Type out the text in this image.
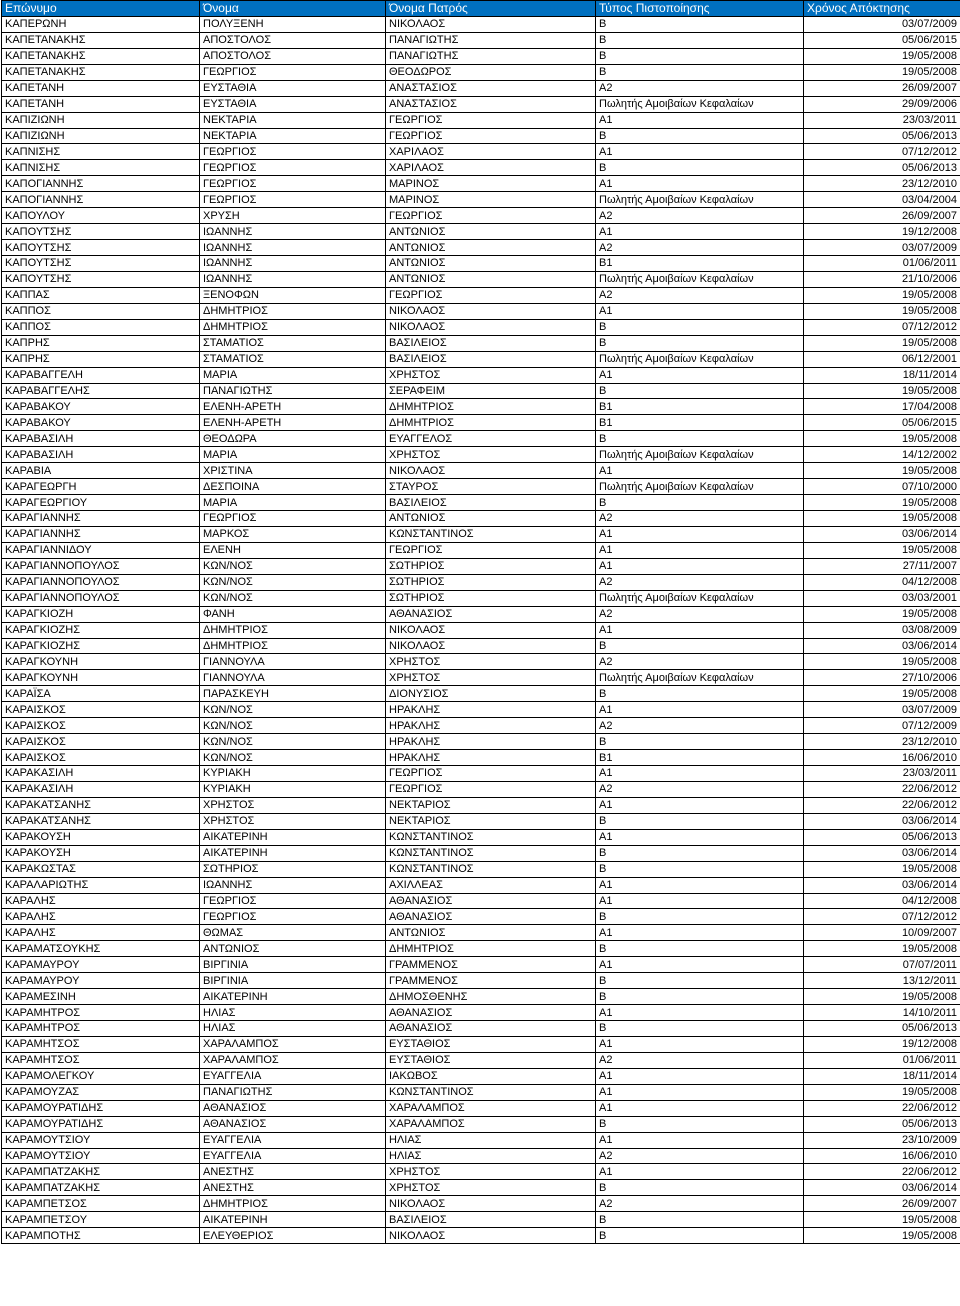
Επώνυμο	Όνομα	Όνομα Πατρός	Τύπος Πιστοποίησης	Χρόνος Απόκτησης
ΚΑΠΕΡΩΝΗ	ΠΟΛΥΞΕΝΗ	ΝΙΚΟΛΑΟΣ	Β	03/07/2009
ΚΑΠΕΤΑΝΑΚΗΣ	ΑΠΟΣΤΟΛΟΣ	ΠΑΝΑΓΙΩΤΗΣ	Β	05/06/2015
ΚΑΠΕΤΑΝΑΚΗΣ	ΑΠΟΣΤΟΛΟΣ	ΠΑΝΑΓΙΩΤΗΣ	Β	19/05/2008
ΚΑΠΕΤΑΝΑΚΗΣ	ΓΕΩΡΓΙΟΣ	ΘΕΟΔΩΡΟΣ	Β	19/05/2008
ΚΑΠΕΤΑΝΗ	ΕΥΣΤΑΘΙΑ	ΑΝΑΣΤΑΣΙΟΣ	Α2	26/09/2007
ΚΑΠΕΤΑΝΗ	ΕΥΣΤΑΘΙΑ	ΑΝΑΣΤΑΣΙΟΣ	Πωλητής Αμοιβαίων Κεφαλαίων	29/09/2006
ΚΑΠΙΖΙΩΝΗ	ΝΕΚΤΑΡΙΑ	ΓΕΩΡΓΙΟΣ	Α1	23/03/2011
ΚΑΠΙΖΙΩΝΗ	ΝΕΚΤΑΡΙΑ	ΓΕΩΡΓΙΟΣ	Β	05/06/2013
ΚΑΠΝΙΣΗΣ	ΓΕΩΡΓΙΟΣ	ΧΑΡΙΛΑΟΣ	Α1	07/12/2012
ΚΑΠΝΙΣΗΣ	ΓΕΩΡΓΙΟΣ	ΧΑΡΙΛΑΟΣ	Β	05/06/2013
ΚΑΠΟΓΙΑΝΝΗΣ	ΓΕΩΡΓΙΟΣ	ΜΑΡΙΝΟΣ	Α1	23/12/2010
ΚΑΠΟΓΙΑΝΝΗΣ	ΓΕΩΡΓΙΟΣ	ΜΑΡΙΝΟΣ	Πωλητής Αμοιβαίων Κεφαλαίων	03/04/2004
ΚΑΠΟΥΛΟΥ	ΧΡΥΣΗ	ΓΕΩΡΓΙΟΣ	Α2	26/09/2007
ΚΑΠΟΥΤΣΗΣ	ΙΩΑΝΝΗΣ	ΑΝΤΩΝΙΟΣ	Α1	19/12/2008
ΚΑΠΟΥΤΣΗΣ	ΙΩΑΝΝΗΣ	ΑΝΤΩΝΙΟΣ	Α2	03/07/2009
ΚΑΠΟΥΤΣΗΣ	ΙΩΑΝΝΗΣ	ΑΝΤΩΝΙΟΣ	Β1	01/06/2011
ΚΑΠΟΥΤΣΗΣ	ΙΩΑΝΝΗΣ	ΑΝΤΩΝΙΟΣ	Πωλητής Αμοιβαίων Κεφαλαίων	21/10/2006
ΚΑΠΠΑΣ	ΞΕΝΟΦΩΝ	ΓΕΩΡΓΙΟΣ	Α2	19/05/2008
ΚΑΠΠΟΣ	ΔΗΜΗΤΡΙΟΣ	ΝΙΚΟΛΑΟΣ	Α1	19/05/2008
ΚΑΠΠΟΣ	ΔΗΜΗΤΡΙΟΣ	ΝΙΚΟΛΑΟΣ	Β	07/12/2012
ΚΑΠΡΗΣ	ΣΤΑΜΑΤΙΟΣ	ΒΑΣΙΛΕΙΟΣ	Β	19/05/2008
ΚΑΠΡΗΣ	ΣΤΑΜΑΤΙΟΣ	ΒΑΣΙΛΕΙΟΣ	Πωλητής Αμοιβαίων Κεφαλαίων	06/12/2001
ΚΑΡΑΒΑΓΓΕΛΗ	ΜΑΡΙΑ	ΧΡΗΣΤΟΣ	Α1	18/11/2014
ΚΑΡΑΒΑΓΓΕΛΗΣ	ΠΑΝΑΓΙΩΤΗΣ	ΣΕΡΑΦΕΙΜ	Β	19/05/2008
ΚΑΡΑΒΑΚΟΥ	ΕΛΕΝΗ-ΑΡΕΤΗ	ΔΗΜΗΤΡΙΟΣ	Β1	17/04/2008
ΚΑΡΑΒΑΚΟΥ	ΕΛΕΝΗ-ΑΡΕΤΗ	ΔΗΜΗΤΡΙΟΣ	Β1	05/06/2015
ΚΑΡΑΒΑΣΙΛΗ	ΘΕΟΔΩΡΑ	ΕΥΑΓΓΕΛΟΣ	Β	19/05/2008
ΚΑΡΑΒΑΣΙΛΗ	ΜΑΡΙΑ	ΧΡΗΣΤΟΣ	Πωλητής Αμοιβαίων Κεφαλαίων	14/12/2002
ΚΑΡΑΒΙΑ	ΧΡΙΣΤΙΝΑ	ΝΙΚΟΛΑΟΣ	Α1	19/05/2008
ΚΑΡΑΓΕΩΡΓΗ	ΔΕΣΠΟΙΝΑ	ΣΤΑΥΡΟΣ	Πωλητής Αμοιβαίων Κεφαλαίων	07/10/2000
ΚΑΡΑΓΕΩΡΓΙΟΥ	ΜΑΡΙΑ	ΒΑΣΙΛΕΙΟΣ	Β	19/05/2008
ΚΑΡΑΓΙΑΝΝΗΣ	ΓΕΩΡΓΙΟΣ	ΑΝΤΩΝΙΟΣ	Α2	19/05/2008
ΚΑΡΑΓΙΑΝΝΗΣ	ΜΑΡΚΟΣ	ΚΩΝΣΤΑΝΤΙΝΟΣ	Α1	03/06/2014
ΚΑΡΑΓΙΑΝΝΙΔΟΥ	ΕΛΕΝΗ	ΓΕΩΡΓΙΟΣ	Α1	19/05/2008
ΚΑΡΑΓΙΑΝΝΟΠΟΥΛΟΣ	ΚΩΝ/ΝΟΣ	ΣΩΤΗΡΙΟΣ	Α1	27/11/2007
ΚΑΡΑΓΙΑΝΝΟΠΟΥΛΟΣ	ΚΩΝ/ΝΟΣ	ΣΩΤΗΡΙΟΣ	Α2	04/12/2008
ΚΑΡΑΓΙΑΝΝΟΠΟΥΛΟΣ	ΚΩΝ/ΝΟΣ	ΣΩΤΗΡΙΟΣ	Πωλητής Αμοιβαίων Κεφαλαίων	03/03/2001
ΚΑΡΑΓΚΙΟΖΗ	ΦΑΝΗ	ΑΘΑΝΑΣΙΟΣ	Α2	19/05/2008
ΚΑΡΑΓΚΙΟΖΗΣ	ΔΗΜΗΤΡΙΟΣ	ΝΙΚΟΛΑΟΣ	Α1	03/08/2009
ΚΑΡΑΓΚΙΟΖΗΣ	ΔΗΜΗΤΡΙΟΣ	ΝΙΚΟΛΑΟΣ	Β	03/06/2014
ΚΑΡΑΓΚΟΥΝΗ	ΓΙΑΝΝΟΥΛΑ	ΧΡΗΣΤΟΣ	Α2	19/05/2008
ΚΑΡΑΓΚΟΥΝΗ	ΓΙΑΝΝΟΥΛΑ	ΧΡΗΣΤΟΣ	Πωλητής Αμοιβαίων Κεφαλαίων	27/10/2006
ΚΑΡΑΪΣΑ	ΠΑΡΑΣΚΕΥΗ	ΔΙΟΝΥΣΙΟΣ	Β	19/05/2008
ΚΑΡΑΙΣΚΟΣ	ΚΩΝ/ΝΟΣ	ΗΡΑΚΛΗΣ	Α1	03/07/2009
ΚΑΡΑΙΣΚΟΣ	ΚΩΝ/ΝΟΣ	ΗΡΑΚΛΗΣ	Α2	07/12/2009
ΚΑΡΑΙΣΚΟΣ	ΚΩΝ/ΝΟΣ	ΗΡΑΚΛΗΣ	Β	23/12/2010
ΚΑΡΑΙΣΚΟΣ	ΚΩΝ/ΝΟΣ	ΗΡΑΚΛΗΣ	Β1	16/06/2010
ΚΑΡΑΚΑΣΙΛΗ	ΚΥΡΙΑΚΗ	ΓΕΩΡΓΙΟΣ	Α1	23/03/2011
ΚΑΡΑΚΑΣΙΛΗ	ΚΥΡΙΑΚΗ	ΓΕΩΡΓΙΟΣ	Α2	22/06/2012
ΚΑΡΑΚΑΤΣΑΝΗΣ	ΧΡΗΣΤΟΣ	ΝΕΚΤΑΡΙΟΣ	Α1	22/06/2012
ΚΑΡΑΚΑΤΣΑΝΗΣ	ΧΡΗΣΤΟΣ	ΝΕΚΤΑΡΙΟΣ	Β	03/06/2014
ΚΑΡΑΚΟΥΣΗ	ΑΙΚΑΤΕΡΙΝΗ	ΚΩΝΣΤΑΝΤΙΝΟΣ	Α1	05/06/2013
ΚΑΡΑΚΟΥΣΗ	ΑΙΚΑΤΕΡΙΝΗ	ΚΩΝΣΤΑΝΤΙΝΟΣ	Β	03/06/2014
ΚΑΡΑΚΩΣΤΑΣ	ΣΩΤΗΡΙΟΣ	ΚΩΝΣΤΑΝΤΙΝΟΣ	Β	19/05/2008
ΚΑΡΑΛΑΡΙΩΤΗΣ	ΙΩΑΝΝΗΣ	ΑΧΙΛΛΕΑΣ	Α1	03/06/2014
ΚΑΡΑΛΗΣ	ΓΕΩΡΓΙΟΣ	ΑΘΑΝΑΣΙΟΣ	Α1	04/12/2008
ΚΑΡΑΛΗΣ	ΓΕΩΡΓΙΟΣ	ΑΘΑΝΑΣΙΟΣ	Β	07/12/2012
ΚΑΡΑΛΗΣ	ΘΩΜΑΣ	ΑΝΤΩΝΙΟΣ	Α1	10/09/2007
ΚΑΡΑΜΑΤΣΟΥΚΗΣ	ΑΝΤΩΝΙΟΣ	ΔΗΜΗΤΡΙΟΣ	Β	19/05/2008
ΚΑΡΑΜΑΥΡΟΥ	ΒΙΡΓΙΝΙΑ	ΓΡΑΜΜΕΝΟΣ	Α1	07/07/2011
ΚΑΡΑΜΑΥΡΟΥ	ΒΙΡΓΙΝΙΑ	ΓΡΑΜΜΕΝΟΣ	Β	13/12/2011
ΚΑΡΑΜΕΣΙΝΗ	ΑΙΚΑΤΕΡΙΝΗ	ΔΗΜΟΣΘΕΝΗΣ	Β	19/05/2008
ΚΑΡΑΜΗΤΡΟΣ	ΗΛΙΑΣ	ΑΘΑΝΑΣΙΟΣ	Α1	14/10/2011
ΚΑΡΑΜΗΤΡΟΣ	ΗΛΙΑΣ	ΑΘΑΝΑΣΙΟΣ	Β	05/06/2013
ΚΑΡΑΜΗΤΣΟΣ	ΧΑΡΑΛΑΜΠΟΣ	ΕΥΣΤΑΘΙΟΣ	Α1	19/12/2008
ΚΑΡΑΜΗΤΣΟΣ	ΧΑΡΑΛΑΜΠΟΣ	ΕΥΣΤΑΘΙΟΣ	Α2	01/06/2011
ΚΑΡΑΜΟΛΕΓΚΟΥ	ΕΥΑΓΓΕΛΙΑ	ΙΑΚΩΒΟΣ	Α1	18/11/2014
ΚΑΡΑΜΟΥΖΑΣ	ΠΑΝΑΓΙΩΤΗΣ	ΚΩΝΣΤΑΝΤΙΝΟΣ	Α1	19/05/2008
ΚΑΡΑΜΟΥΡΑΤΙΔΗΣ	ΑΘΑΝΑΣΙΟΣ	ΧΑΡΑΛΑΜΠΟΣ	Α1	22/06/2012
ΚΑΡΑΜΟΥΡΑΤΙΔΗΣ	ΑΘΑΝΑΣΙΟΣ	ΧΑΡΑΛΑΜΠΟΣ	Β	05/06/2013
ΚΑΡΑΜΟΥΤΣΙΟΥ	ΕΥΑΓΓΕΛΙΑ	ΗΛΙΑΣ	Α1	23/10/2009
ΚΑΡΑΜΟΥΤΣΙΟΥ	ΕΥΑΓΓΕΛΙΑ	ΗΛΙΑΣ	Α2	16/06/2010
ΚΑΡΑΜΠΑΤΖΑΚΗΣ	ΑΝΕΣΤΗΣ	ΧΡΗΣΤΟΣ	Α1	22/06/2012
ΚΑΡΑΜΠΑΤΖΑΚΗΣ	ΑΝΕΣΤΗΣ	ΧΡΗΣΤΟΣ	Β	03/06/2014
ΚΑΡΑΜΠΕΤΣΟΣ	ΔΗΜΗΤΡΙΟΣ	ΝΙΚΟΛΑΟΣ	Α2	26/09/2007
ΚΑΡΑΜΠΕΤΣΟΥ	ΑΙΚΑΤΕΡΙΝΗ	ΒΑΣΙΛΕΙΟΣ	Β	19/05/2008
ΚΑΡΑΜΠΟΤΗΣ	ΕΛΕΥΘΕΡΙΟΣ	ΝΙΚΟΛΑΟΣ	Β	19/05/2008
